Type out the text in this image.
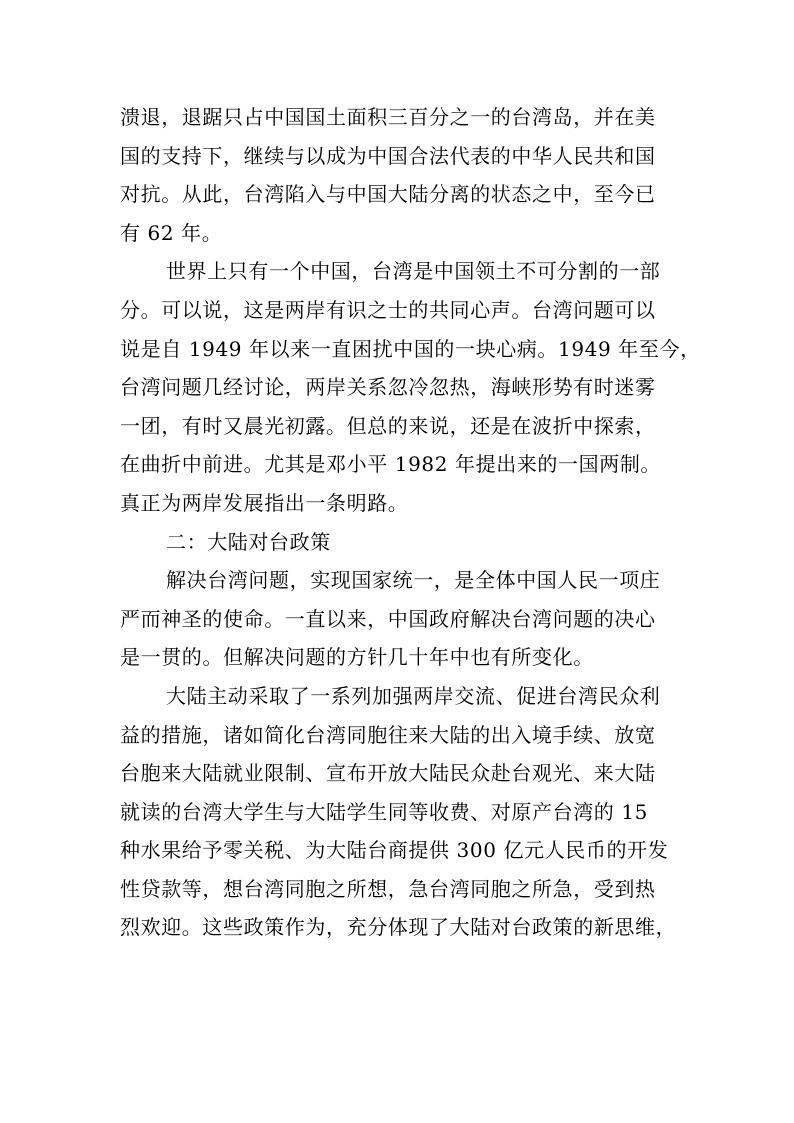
溃退，退踞只占中国国土面积三百分之一的台湾岛，并在美
国的支持下，继续与以成为中国合法代表的中华人民共和国
对抗。从此，台湾陷入与中国大陆分离的状态之中，至今已
有 62 年。
世界上只有一个中国，台湾是中国领土不可分割的一部
分。可以说，这是两岸有识之士的共同心声。台湾问题可以
说是自 1949 年以来一直困扰中国的一块心病。1949 年至今，
台湾问题几经讨论，两岸关系忽冷忽热，海峡形势有时迷雾
一团，有时又晨光初露。但总的来说，还是在波折中探索，
在曲折中前进。尤其是邓小平 1982 年提出来的一国两制。
真正为两岸发展指出一条明路。
二：大陆对台政策
解决台湾问题，实现国家统一，是全体中国人民一项庄
严而神圣的使命。一直以来，中国政府解决台湾问题的决心
是一贯的。但解决问题的方针几十年中也有所变化。
大陆主动采取了一系列加强两岸交流、促进台湾民众利
益的措施，诸如简化台湾同胞往来大陆的出入境手续、放宽
台胞来大陆就业限制、宣布开放大陆民众赴台观光、来大陆
就读的台湾大学生与大陆学生同等收费、对原产台湾的 15
种水果给予零关税、为大陆台商提供 300 亿元人民币的开发
性贷款等，想台湾同胞之所想，急台湾同胞之所急，受到热
烈欢迎。这些政策作为，充分体现了大陆对台政策的新思维，
